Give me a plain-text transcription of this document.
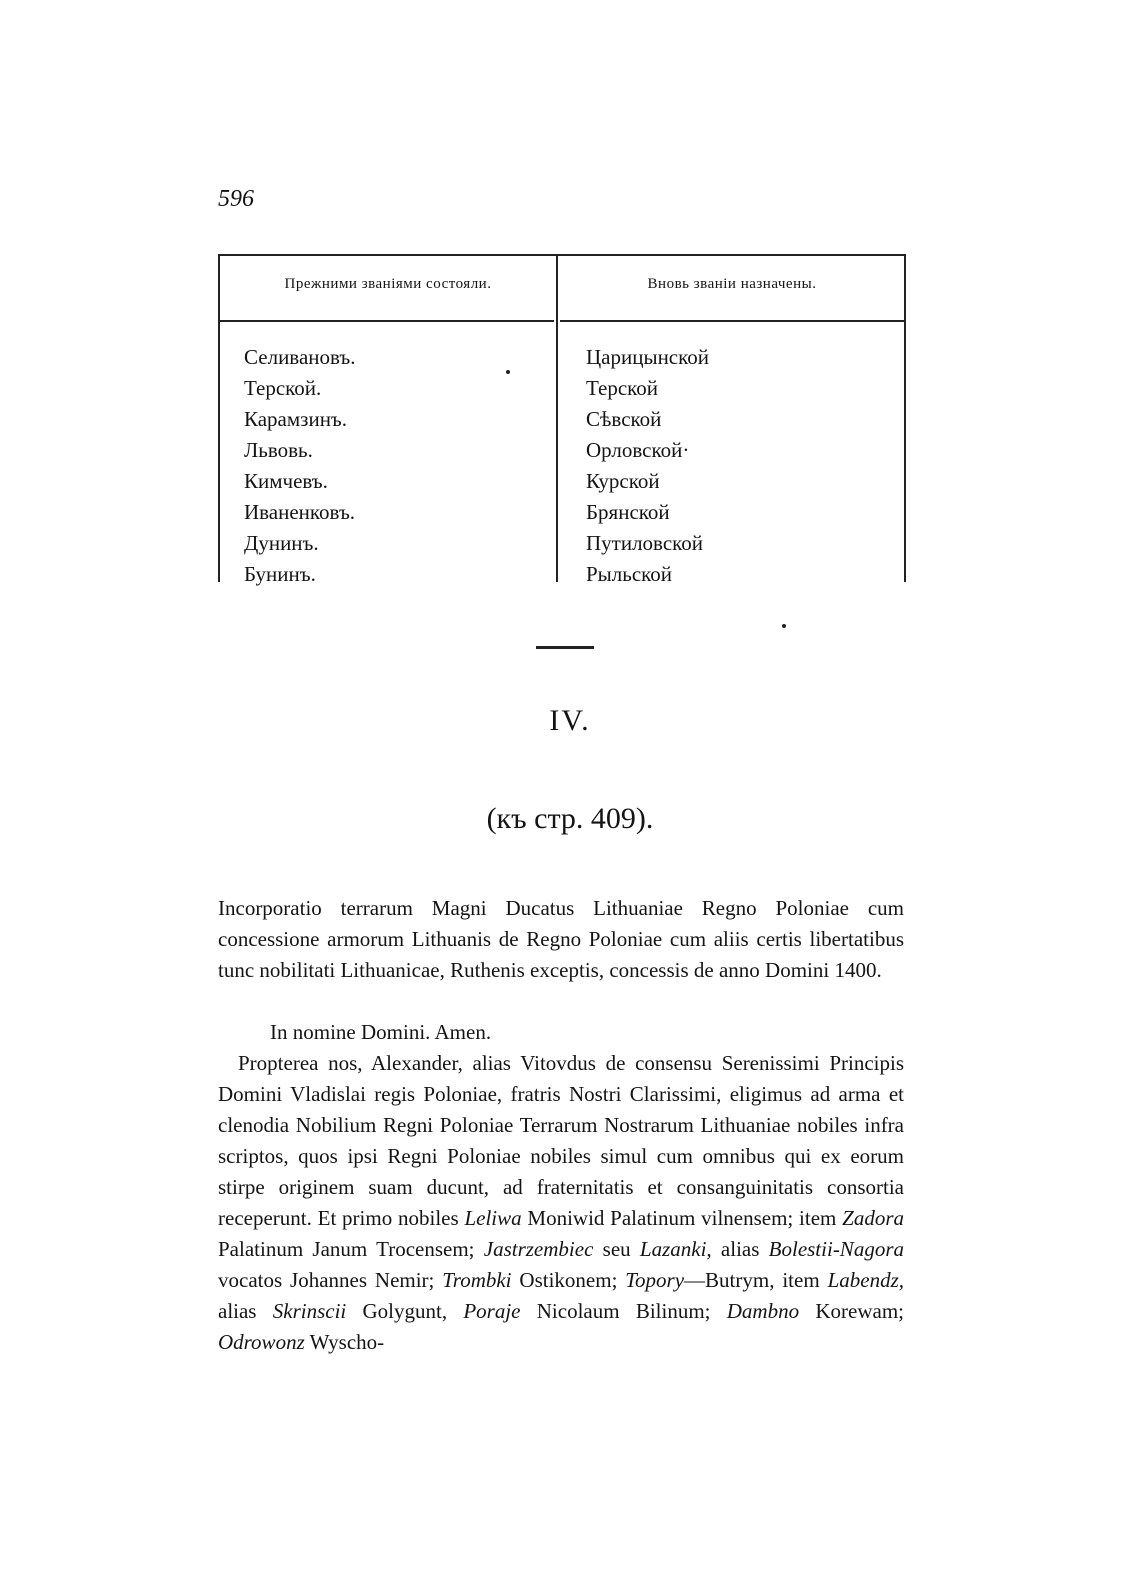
596
Прежними званіями состояли.	Вновь званіи назначены.
Селивановъ.
Терской.
Карамзинъ.
Львовь.
Кимчевъ.
Иваненковъ.
Дунинъ.
Бунинъ.
Царицынской
Терской
Сѣвской
Орловской·
Курской
Брянской
Путиловской
Рыльской
IV.
(къ стр. 409).

Incorporatio terrarum Magni Ducatus Lithuaniae Regno Poloniae cum concessione armorum Lithuanis de Regno Poloniae cum aliis certis libertatibus tunc nobilitati Lithuanicae, Ruthenis exceptis, concessis de anno Domini 1400.

In nomine Domini. Amen.

Propterea nos, Alexander, alias Vitovdus de consensu Serenissimi Principis Domini Vladislai regis Poloniae, fratris Nostri Clarissimi, eligimus ad arma et clenodia Nobilium Regni Poloniae Terrarum Nostrarum Lithuaniae nobiles infra scriptos, quos ipsi Regni Poloniae nobiles simul cum omnibus qui ex eorum stirpe originem suam ducunt, ad fraternitatis et consanguinitatis consortia receperunt. Et primo nobiles Leliwa Moniwid Palatinum vilnensem; item Zadora Palatinum Janum Trocensem; Jastrzembiec seu Lazanki, alias Bolestii-Nagora vocatos Johannes Nemir; Trombki Ostikonem; Topory—Butrym, item Labendz, alias Skrinscii Golygunt, Poraje Nicolaum Bilinum; Dambno Korewam; Odrowonz Wyscho-
